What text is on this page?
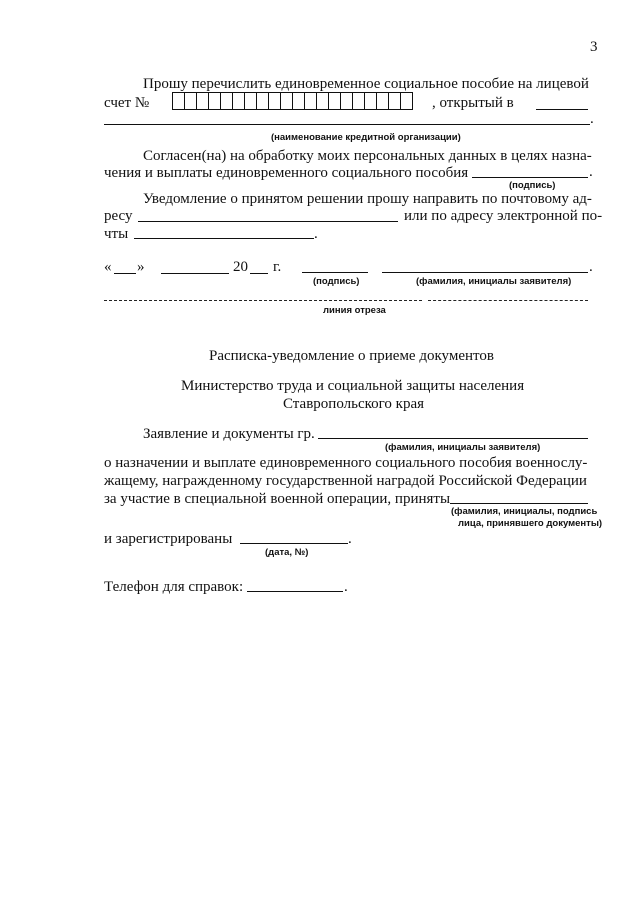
3
Прошу перечислить единовременное социальное пособие на лицевой
счет №	, открытый в
.
(наименование кредитной организации)
Согласен(на) на обработку моих персональных данных в целях назна-
чения и выплаты единовременного социального пособия	.
(подпись)
Уведомление о принятом решении прошу направить по почтовому ад-
ресу	или по адресу электронной по-
чты	.
« »	20 г.	.
(подпись)	(фамилия, инициалы заявителя)
линия отреза
Расписка-уведомление о приеме документов
Министерство труда и социальной защиты населения
Ставропольского края
Заявление и документы гр.
(фамилия, инициалы заявителя)
о назначении и выплате единовременного социального пособия военнослу-
жащему, награжденному государственной наградой Российской Федерации
за участие в специальной военной операции, приняты
(фамилия, инициалы, подпись
лица, принявшего документы)
и зарегистрированы	.
(дата, №)
Телефон для справок:	.
